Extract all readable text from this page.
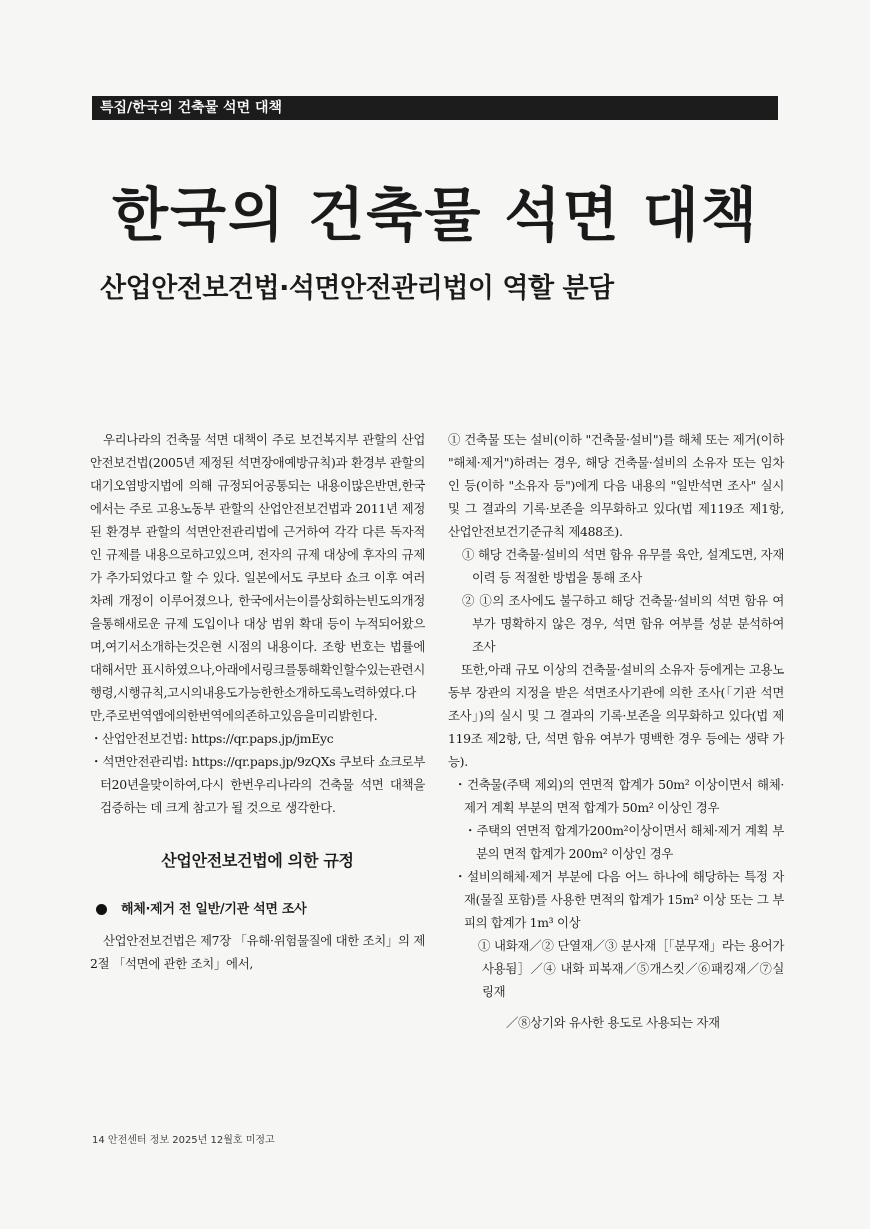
특집/한국의 건축물 석면 대책
한국의 건축물 석면 대책
산업안전보건법·석면안전관리법이 역할 분담

우리나라의 건축물 석면 대책이 주로 보건복지부 관할의 산업안전보건법(2005년 제정된 석면장애예방규칙)과 환경부 관할의 대기오염방지법에 의해 규정되어공통되는 내용이많은반면,한국에서는 주로 고용노동부 관할의 산업안전보건법과 2011년 제정된 환경부 관할의 석면안전관리법에 근거하여 각각 다른 독자적인 규제를 내용으로하고있으며, 전자의 규제 대상에 후자의 규제가 추가되었다고 할 수 있다. 일본에서도 쿠보타 쇼크 이후 여러 차례 개정이 이루어졌으나, 한국에서는이를상회하는빈도의개정을통해새로운 규제 도입이나 대상 범위 확대 등이 누적되어왔으며,여기서소개하는것은현 시점의 내용이다. 조항 번호는 법률에 대해서만 표시하였으나,아래에서링크를통해확인할수있는관련시행령,시행규칙,고시의내용도가능한한소개하도록노력하였다.다만,주로번역앱에의한번역에의존하고있음을미리밝힌다.

・산업안전보건법: https://qr.paps.jp/jmEyc

・석면안전관리법: https://qr.paps.jp/9zQXs 쿠보타 쇼크로부터20년을맞이하여,다시 한번우리나라의 건축물 석면 대책을검증하는 데 크게 참고가 될 것으로 생각한다.

산업안전보건법에 의한 규정

해체·제거 전 일반/기관 석면 조사

산업안전보건법은 제7장 「유해·위험물질에 대한 조치」의 제2절 「석면에 관한 조치」에서,

① 건축물 또는 설비(이하 "건축물·설비")를 해체 또는 제거(이하 "해체·제거")하려는 경우, 해당 건축물·설비의 소유자 또는 임차인 등(이하 "소유자 등")에게 다음 내용의 "일반석면 조사" 실시 및 그 결과의 기록·보존을 의무화하고 있다(법 제119조 제1항, 산업안전보건기준규칙 제488조).

① 해당 건축물·설비의 석면 함유 유무를 육안, 설계도면, 자재 이력 등 적절한 방법을 통해 조사

② ①의 조사에도 불구하고 해당 건축물·설비의 석면 함유 여부가 명확하지 않은 경우, 석면 함유 여부를 성분 분석하여 조사

또한,아래 규모 이상의 건축물·설비의 소유자 등에게는 고용노동부 장관의 지정을 받은 석면조사기관에 의한 조사(「기관 석면조사」)의 실시 및 그 결과의 기록·보존을 의무화하고 있다(법 제119조 제2항, 단, 석면 함유 여부가 명백한 경우 등에는 생략 가능).

・건축물(주택 제외)의 연면적 합계가 50m² 이상이면서 해체·제거 계획 부분의 면적 합계가 50m² 이상인 경우

・주택의 연면적 합계가200m²이상이면서 해체·제거 계획 부분의 면적 합계가 200m² 이상인 경우

・설비의해체·제거 부분에 다음 어느 하나에 해당하는 특정 자재(물질 포함)를 사용한 면적의 합계가 15m² 이상 또는 그 부피의 합계가 1m³ 이상

① 내화재／② 단열재／③ 분사재［「분무재」라는 용어가 사용됨］／④ 내화 피복재／⑤개스킷／⑥패킹재／⑦실링재

／⑧상기와 유사한 용도로 사용되는 자재

14 안전센터 정보 2025년 12월호 미정고
